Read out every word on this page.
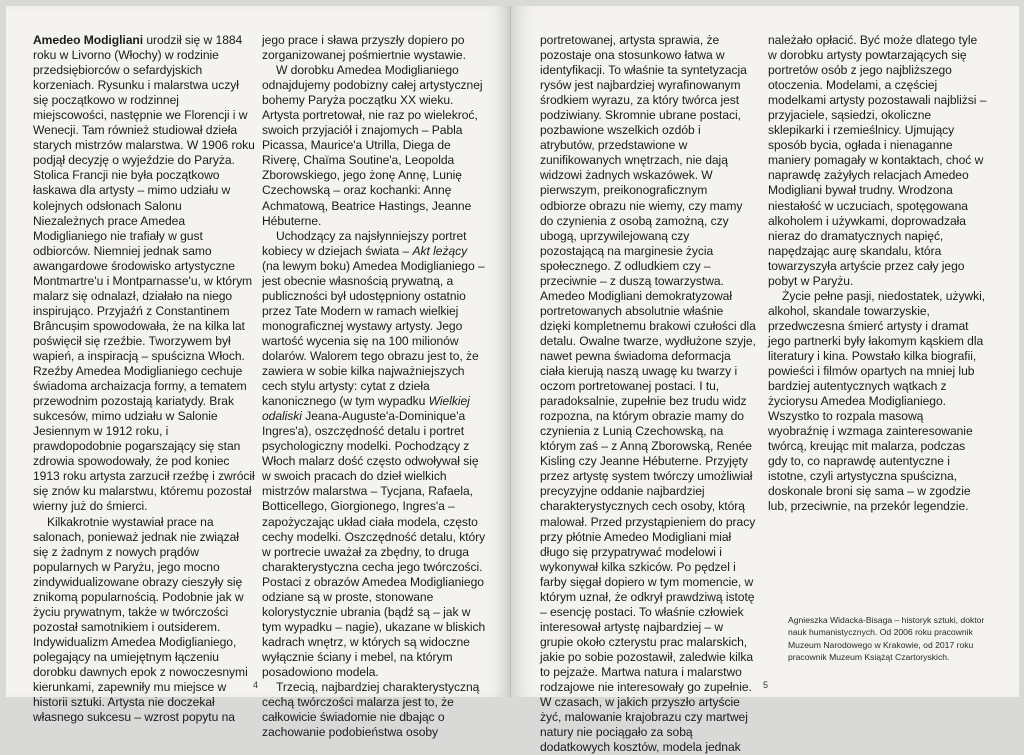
Amedeo Modigliani urodził się w 1884 roku w Livorno (Włochy) w rodzinie przedsiębiorców o sefardyjskich korzeniach. Rysunku i malarstwa uczył się początkowo w rodzinnej miejscowości, następnie we Florencji i w Wenecji. Tam również studiował dzieła starych mistrzów malarstwa. W 1906 roku podjął decyzję o wyjeździe do Paryża. Stolica Francji nie była początkowo łaskawa dla artysty – mimo udziału w kolejnych odsłonach Salonu Niezależnych prace Amedea Modiglianiego nie trafiały w gust odbiorców. Niemniej jednak samo awangardowe środowisko artystyczne Montmartre'u i Montparnasse'u, w którym malarz się odnalazł, działało na niego inspirująco. Przyjaźń z Constantinem Brâncușim spowodowała, że na kilka lat poświęcił się rzeźbie. Tworzywem był wapień, a inspiracją – spuścizna Włoch. Rzeźby Amedea Modiglianiego cechuje świadoma archaizacja formy, a tematem przewodnim pozostają kariatydy. Brak sukcesów, mimo udziału w Salonie Jesiennym w 1912 roku, i prawdopodobnie pogarszający się stan zdrowia spowodowały, że pod koniec 1913 roku artysta zarzucił rzeźbę i zwrócił się znów ku malarstwu, któremu pozostał wierny już do śmierci.

Kilkakrotnie wystawiał prace na salonach, ponieważ jednak nie związał się z żadnym z nowych prądów popularnych w Paryżu, jego mocno zindywidualizowane obrazy cieszyły się znikomą popularnością. Podobnie jak w życiu prywatnym, także w twórczości pozostał samotnikiem i outsiderem. Indywidualizm Amedea Modiglianiego, polegający na umiejętnym łączeniu dorobku dawnych epok z nowoczesnymi kierunkami, zapewniły mu miejsce w historii sztuki. Artysta nie doczekał własnego sukcesu – wzrost popytu na

jego prace i sława przyszły dopiero po zorganizowanej pośmiertnie wystawie.

W dorobku Amedea Modiglianiego odnajdujemy podobizny całej artystycznej bohemy Paryża początku XX wieku. Artysta portretował, nie raz po wielekroć, swoich przyjaciół i znajomych – Pabla Picassa, Maurice'a Utrilla, Diega de Riverę, Chaïma Soutine'a, Leopolda Zborowskiego, jego żonę Annę, Lunię Czechowską – oraz kochanki: Annę Achmatową, Beatrice Hastings, Jeanne Hébuterne.

Uchodzący za najsłynniejszy portret kobiecy w dziejach świata – Akt leżący (na lewym boku) Amedea Modiglianiego – jest obecnie własnością prywatną, a publiczności był udostępniony ostatnio przez Tate Modern w ramach wielkiej monograficznej wystawy artysty. Jego wartość wycenia się na 100 milionów dolarów. Walorem tego obrazu jest to, że zawiera w sobie kilka najważniejszych cech stylu artysty: cytat z dzieła kanonicznego (w tym wypadku Wielkiej odaliski Jeana-Auguste'a-Dominique'a Ingres'a), oszczędność detalu i portret psychologiczny modelki. Pochodzący z Włoch malarz dość często odwoływał się w swoich pracach do dzieł wielkich mistrzów malarstwa – Tycjana, Rafaela, Botticellego, Giorgionego, Ingres'a – zapożyczając układ ciała modela, często cechy modelki. Oszczędność detalu, który w portrecie uważał za zbędny, to druga charakterystyczna cecha jego twórczości. Postaci z obrazów Amedea Modiglianiego odziane są w proste, stonowane kolorystycznie ubrania (bądź są – jak w tym wypadku – nagie), ukazane w bliskich kadrach wnętrz, w których są widoczne wyłącznie ściany i mebel, na którym posadowiono modela.

Trzecią, najbardziej charakterystyczną cechą twórczości malarza jest to, że całkowicie świadomie nie dbając o zachowanie podobieństwa osoby

4

portretowanej, artysta sprawia, że pozostaje ona stosunkowo łatwa w identyfikacji. To właśnie ta syntetyzacja rysów jest najbardziej wyrafinowanym środkiem wyrazu, za który twórca jest podziwiany. Skromnie ubrane postaci, pozbawione wszelkich ozdób i atrybutów, przedstawione w zunifikowanych wnętrzach, nie dają widzowi żadnych wskazówek. W pierwszym, preikonograficznym odbiorze obrazu nie wiemy, czy mamy do czynienia z osobą zamożną, czy ubogą, uprzywilejowaną czy pozostającą na marginesie życia społecznego. Z odludkiem czy – przeciwnie – z duszą towarzystwa. Amedeo Modigliani demokratyzował portretowanych absolutnie właśnie dzięki kompletnemu brakowi czułości dla detalu. Owalne twarze, wydłużone szyje, nawet pewna świadoma deformacja ciała kierują naszą uwagę ku twarzy i oczom portretowanej postaci. I tu, paradoksalnie, zupełnie bez trudu widz rozpozna, na którym obrazie mamy do czynienia z Lunią Czechowską, na którym zaś – z Anną Zborowską, Renée Kisling czy Jeanne Hébuterne. Przyjęty przez artystę system twórczy umożliwiał precyzyjne oddanie najbardziej charakterystycznych cech osoby, którą malował. Przed przystąpieniem do pracy przy płótnie Amedeo Modigliani miał długo się przypatrywać modelowi i wykonywał kilka szkiców. Po pędzel i farby sięgał dopiero w tym momencie, w którym uznał, że odkrył prawdziwą istotę – esencję postaci. To właśnie człowiek interesował artystę najbardziej – w grupie około czterystu prac malarskich, jakie po sobie pozostawił, zaledwie kilka to pejzaże. Martwa natura i malarstwo rodzajowe nie interesowały go zupełnie. W czasach, w jakich przyszło artyście żyć, malowanie krajobrazu czy martwej natury nie pociągało za sobą dodatkowych kosztów, modela jednak

należało opłacić. Być może dlatego tyle w dorobku artysty powtarzających się portretów osób z jego najbliższego otoczenia. Modelami, a częściej modelkami artysty pozostawali najbliżsi – przyjaciele, sąsiedzi, okoliczne sklepikarki i rzemieślnicy. Ujmujący sposób bycia, ogłada i nienaganne maniery pomagały w kontaktach, choć w naprawdę zażyłych relacjach Amedeo Modigliani bywał trudny. Wrodzona niestałość w uczuciach, spotęgowana alkoholem i używkami, doprowadzała nieraz do dramatycznych napięć, napędzając aurę skandalu, która towarzyszyła artyście przez cały jego pobyt w Paryżu.

Życie pełne pasji, niedostatek, używki, alkohol, skandale towarzyskie, przedwczesna śmierć artysty i dramat jego partnerki były łakomym kąskiem dla literatury i kina. Powstało kilka biografii, powieści i filmów opartych na mniej lub bardziej autentycznych wątkach z życiorysu Amedea Modiglianiego. Wszystko to rozpala masową wyobraźnię i wzmaga zainteresowanie twórcą, kreując mit malarza, podczas gdy to, co naprawdę autentyczne i istotne, czyli artystyczna spuścizna, doskonale broni się sama – w zgodzie lub, przeciwnie, na przekór legendzie.

Agnieszka Widacka-Bisaga – historyk sztuki, doktor nauk humanistycznych. Od 2006 roku pracownik Muzeum Narodowego w Krakowie, od 2017 roku pracownik Muzeum Książąt Czartoryskich.
5
